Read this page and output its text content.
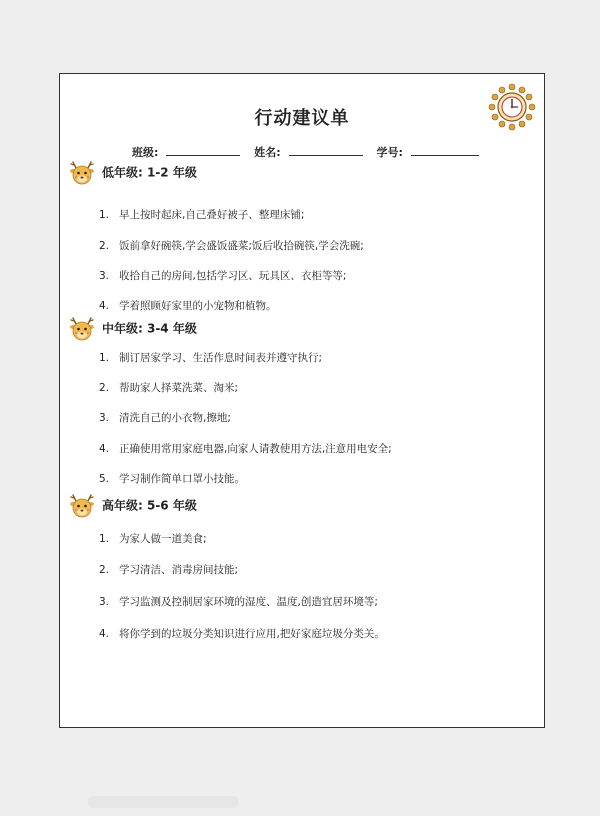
行动建议单
班级:	姓名:	学号:
低年级: 1-2 年级
1. 早上按时起床,自己叠好被子、整理床铺;
2. 饭前拿好碗筷,学会盛饭盛菜;饭后收拾碗筷,学会洗碗;
3. 收拾自己的房间,包括学习区、玩具区、衣柜等等;
4. 学着照顾好家里的小宠物和植物。
中年级: 3-4 年级
1. 制订居家学习、生活作息时间表并遵守执行;
2. 帮助家人择菜洗菜、淘米;
3. 清洗自己的小衣物,擦地;
4. 正确使用常用家庭电器,向家人请教使用方法,注意用电安全;
5. 学习制作简单口罩小技能。
高年级: 5-6 年级
1. 为家人做一道美食;
2. 学习清洁、消毒房间技能;
3. 学习监测及控制居家环境的湿度、温度,创造宜居环境等;
4. 将你学到的垃圾分类知识进行应用,把好家庭垃圾分类关。
